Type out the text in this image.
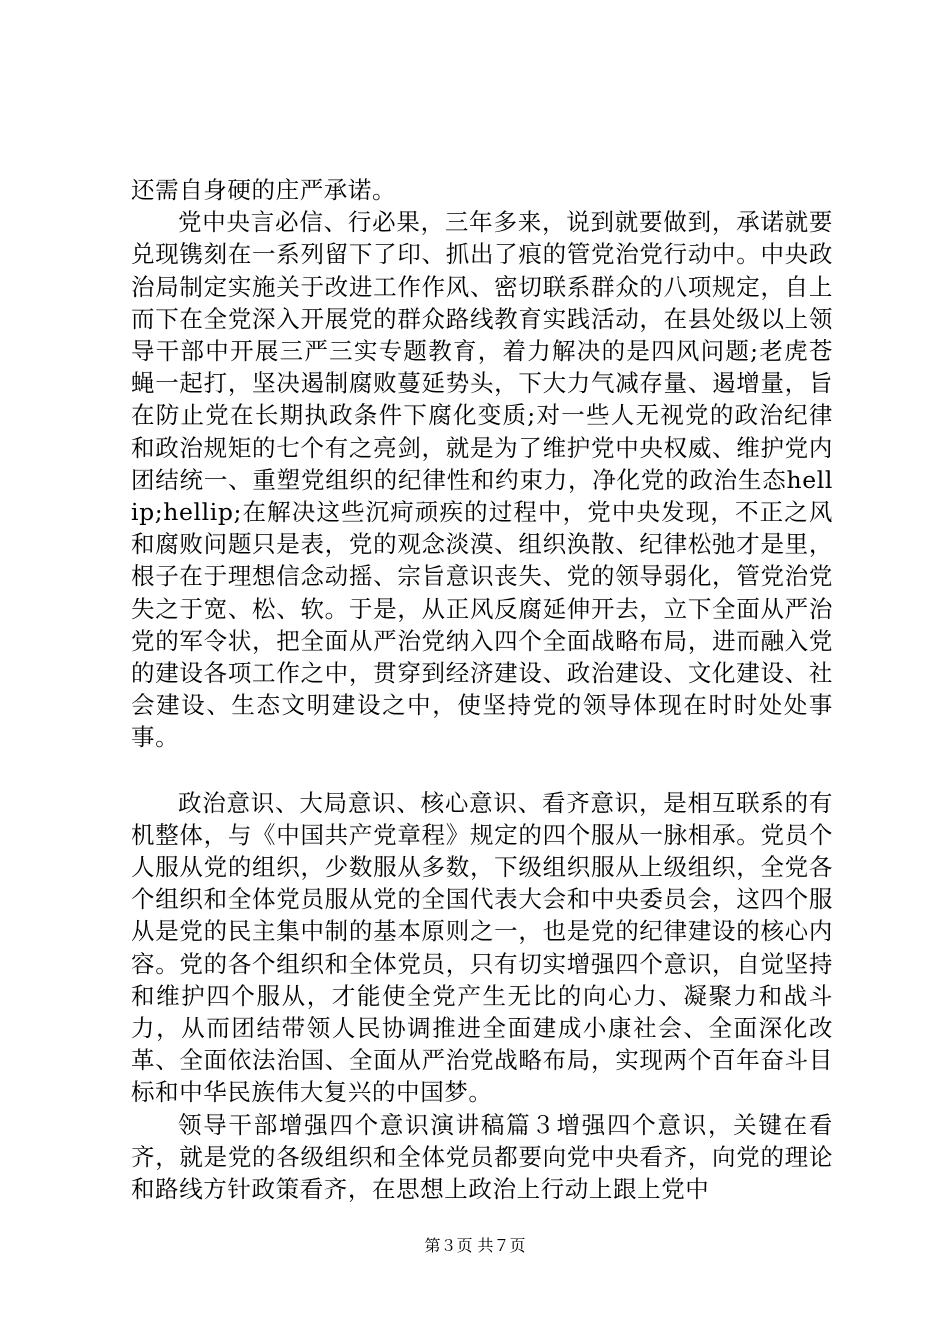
还需自身硬的庄严承诺。

党中央言必信、行必果，三年多来，说到就要做到，承诺就要兑现镌刻在一系列留下了印、抓出了痕的管党治党行动中。中央政治局制定实施关于改进工作作风、密切联系群众的八项规定，自上而下在全党深入开展党的群众路线教育实践活动，在县处级以上领导干部中开展三严三实专题教育，着力解决的是四风问题;老虎苍蝇一起打，坚决遏制腐败蔓延势头，下大力气减存量、遏增量，旨在防止党在长期执政条件下腐化变质;对一些人无视党的政治纪律和政治规矩的七个有之亮剑，就是为了维护党中央权威、维护党内团结统一、重塑党组织的纪律性和约束力，净化党的政治生态hellip;hellip;在解决这些沉疴顽疾的过程中，党中央发现，不正之风和腐败问题只是表，党的观念淡漠、组织涣散、纪律松弛才是里，根子在于理想信念动摇、宗旨意识丧失、党的领导弱化，管党治党失之于宽、松、软。于是，从正风反腐延伸开去，立下全面从严治党的军令状，把全面从严治党纳入四个全面战略布局，进而融入党的建设各项工作之中，贯穿到经济建设、政治建设、文化建设、社会建设、生态文明建设之中，使坚持党的领导体现在时时处处事事。

政治意识、大局意识、核心意识、看齐意识，是相互联系的有机整体，与《中国共产党章程》规定的四个服从一脉相承。党员个人服从党的组织，少数服从多数，下级组织服从上级组织，全党各个组织和全体党员服从党的全国代表大会和中央委员会，这四个服从是党的民主集中制的基本原则之一，也是党的纪律建设的核心内容。党的各个组织和全体党员，只有切实增强四个意识，自觉坚持和维护四个服从，才能使全党产生无比的向心力、凝聚力和战斗力，从而团结带领人民协调推进全面建成小康社会、全面深化改革、全面依法治国、全面从严治党战略布局，实现两个百年奋斗目标和中华民族伟大复兴的中国梦。

领导干部增强四个意识演讲稿篇３增强四个意识，关键在看齐，就是党的各级组织和全体党员都要向党中央看齐，向党的理论和路线方针政策看齐，在思想上政治上行动上跟上党中

第３页 共７页
